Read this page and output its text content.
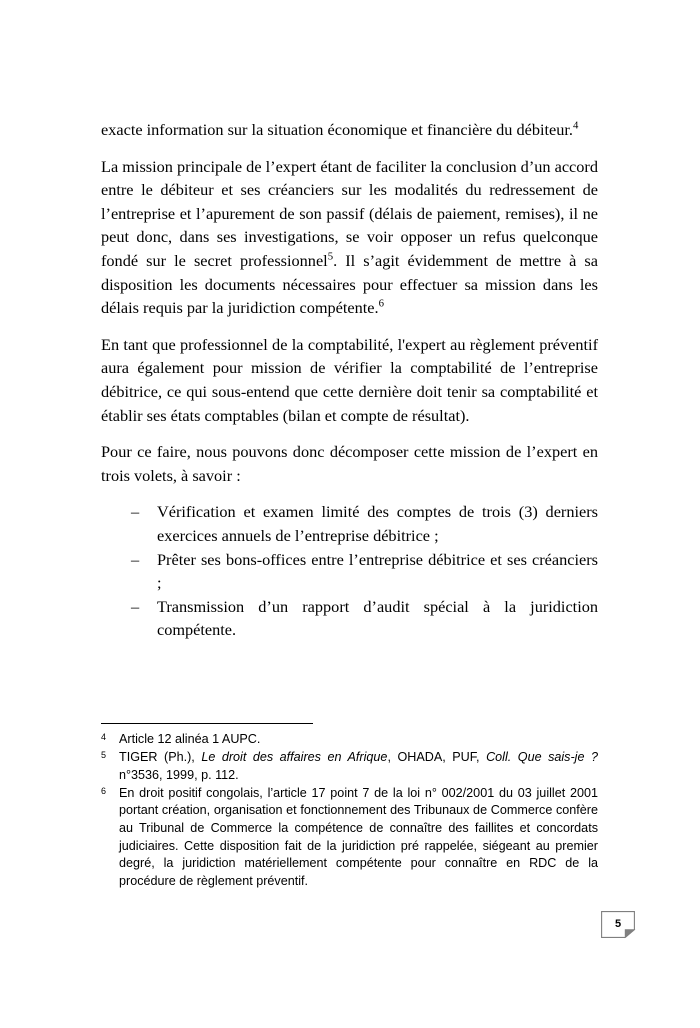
exacte information sur la situation économique et financière du débiteur.$^4$

La mission principale de l’expert étant de faciliter la conclusion d’un accord entre le débiteur et ses créanciers sur les modalités du redressement de l’entreprise et l’apurement de son passif (délais de paiement, remises), il ne peut donc, dans ses investigations, se voir opposer un refus quelconque fondé sur le secret professionnel$^5$. Il s’agit évidemment de mettre à sa disposition les documents nécessaires pour effectuer sa mission dans les délais requis par la juridiction compétente.$^6$

En tant que professionnel de la comptabilité, l'expert au règlement préventif aura également pour mission de vérifier la comptabilité de l’entreprise débitrice, ce qui sous-entend que cette dernière doit tenir sa comptabilité et établir ses états comptables (bilan et compte de résultat).

Pour ce faire, nous pouvons donc décomposer cette mission de l’expert en trois volets, à savoir :

– Vérification et examen limité des comptes de trois (3) derniers exercices annuels de l’entreprise débitrice ;
– Prêter ses bons-offices entre l’entreprise débitrice et ses créanciers ;
– Transmission d’un rapport d’audit spécial à la juridiction compétente.
4 Article 12 alinéa 1 AUPC.
5 TIGER (Ph.), Le droit des affaires en Afrique, OHADA, PUF, Coll. Que sais-je ? n°3536, 1999, p. 112.
6 En droit positif congolais, l’article 17 point 7 de la loi n° 002/2001 du 03 juillet 2001 portant création, organisation et fonctionnement des Tribunaux de Commerce confère au Tribunal de Commerce la compétence de connaître des faillites et concordats judiciaires. Cette disposition fait de la juridiction pré rappelée, siégeant au premier degré, la juridiction matériellement compétente pour connaître en RDC de la procédure de règlement préventif.
5
